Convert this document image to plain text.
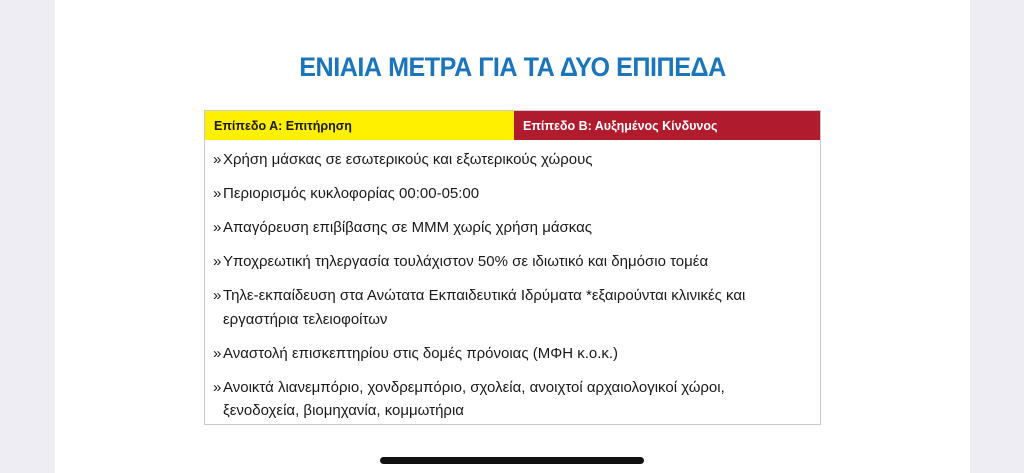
ΕΝΙΑΙΑ ΜΕΤΡΑ ΓΙΑ ΤΑ ΔΥΟ ΕΠΙΠΕΔΑ
Επίπεδο Α: Επιτήρηση	Επίπεδο Β: Αυξημένος Κίνδυνος
» Χρήση μάσκας σε εσωτερικούς και εξωτερικούς χώρους
» Περιορισμός κυκλοφορίας 00:00-05:00
» Απαγόρευση επιβίβασης σε ΜΜΜ χωρίς χρήση μάσκας
» Υποχρεωτική τηλεργασία τουλάχιστον 50% σε ιδιωτικό και δημόσιο τομέα
» Τηλε-εκπαίδευση στα Ανώτατα Εκπαιδευτικά Ιδρύματα *εξαιρούνται κλινικές και εργαστήρια τελειοφοίτων
» Αναστολή επισκεπτηρίου στις δομές πρόνοιας (ΜΦΗ κ.ο.κ.)
» Ανοικτά λιανεμπόριο, χονδρεμπόριο, σχολεία, ανοιχτοί αρχαιολογικοί χώροι, ξενοδοχεία, βιομηχανία, κομμωτήρια
